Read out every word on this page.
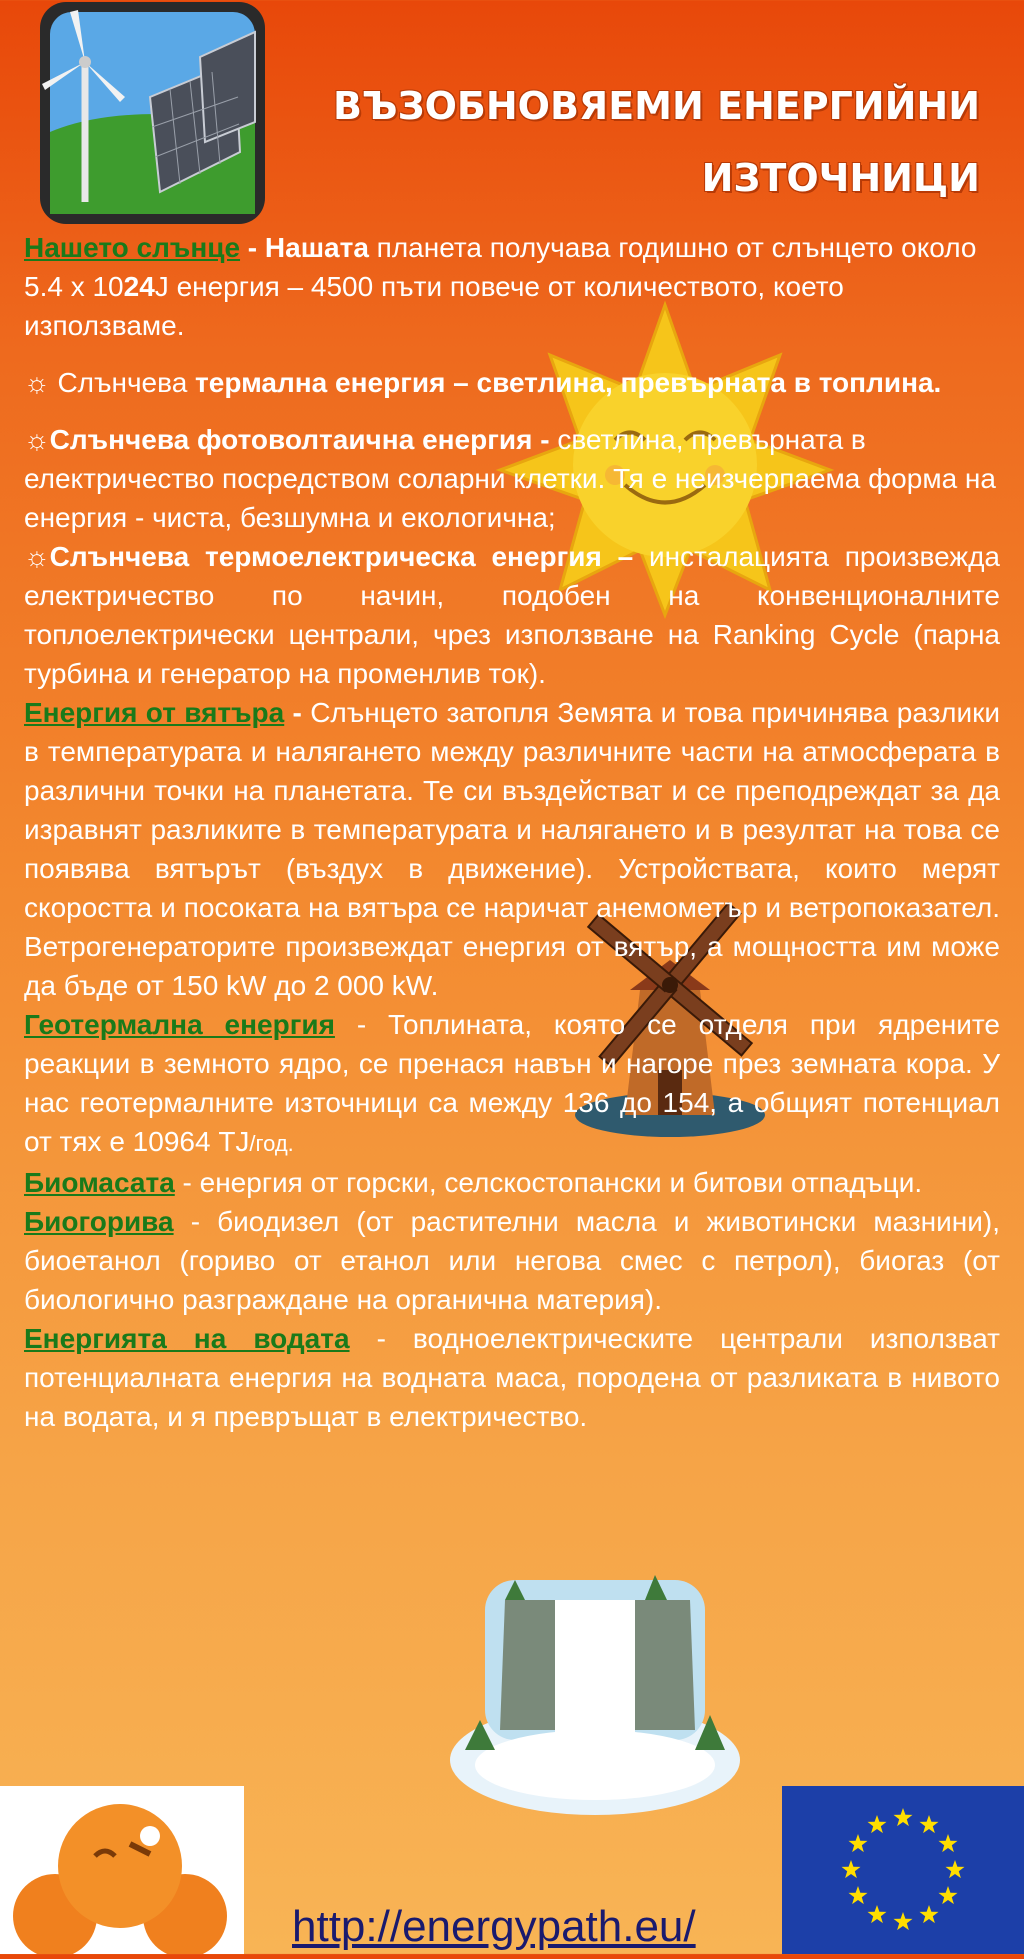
ВЪЗОБНОВЯЕМИ ЕНЕРГИЙНИ
ИЗТОЧНИЦИ

Нашето слънце - Нашата планета получава годишно от слънцето около 5.4 x 1024J енергия – 4500 пъти повече от количеството, което използваме.

☼ Слънчева термална енергия – светлина, превърната в топлина.

☼Слънчева фотоволтаична енергия - светлина, превърната в електричество посредством соларни клетки. Тя е неизчерпаема форма на енергия - чиста, безшумна и екологична;

☼Слънчева термоелектрическа енергия – инсталацията произвежда електричество по начин, подобен на конвенционалните топлоелектрически централи, чрез използване на Ranking Cycle (парна турбина и генератор на променлив ток).

Енергия от вятъра - Слънцето затопля Земята и това причинява разлики в температурата и налягането между различните части на атмосферата в различни точки на планетата. Те си въздействат и се преподреждат за да изравнят разликите в температурата и налягането и в резултат на това се появява вятърът (въздух в движение). Устройствата, които мерят скоростта и посоката на вятъра се наричат анемометър и ветропоказател. Ветрогенераторите произвеждат енергия от вятър, а мощността им може да бъде от 150 kW до 2 000 kW.

Геотермална енергия - Топлината, която се отделя при ядрените реакции в земното ядро, се пренася навън и нагоре през земната кора. У нас геотермалните източници са между 136 до 154, а общият потенциал от тях е 10964 TJ/год.

Биомасата - енергия от горски, селскостопански и битови отпадъци.

Биогорива - биодизел (от растителни масла и животински мазнини), биоетанол (гориво от етанол или негова смес с петрол), биогаз (от биологично разграждане на органична материя).

Енергията на водата - водноелектрическите централи използват потенциалната енергия на водната маса, породена от разликата в нивото на водата, и я превръщат в електричество.

http://energypath.eu/
